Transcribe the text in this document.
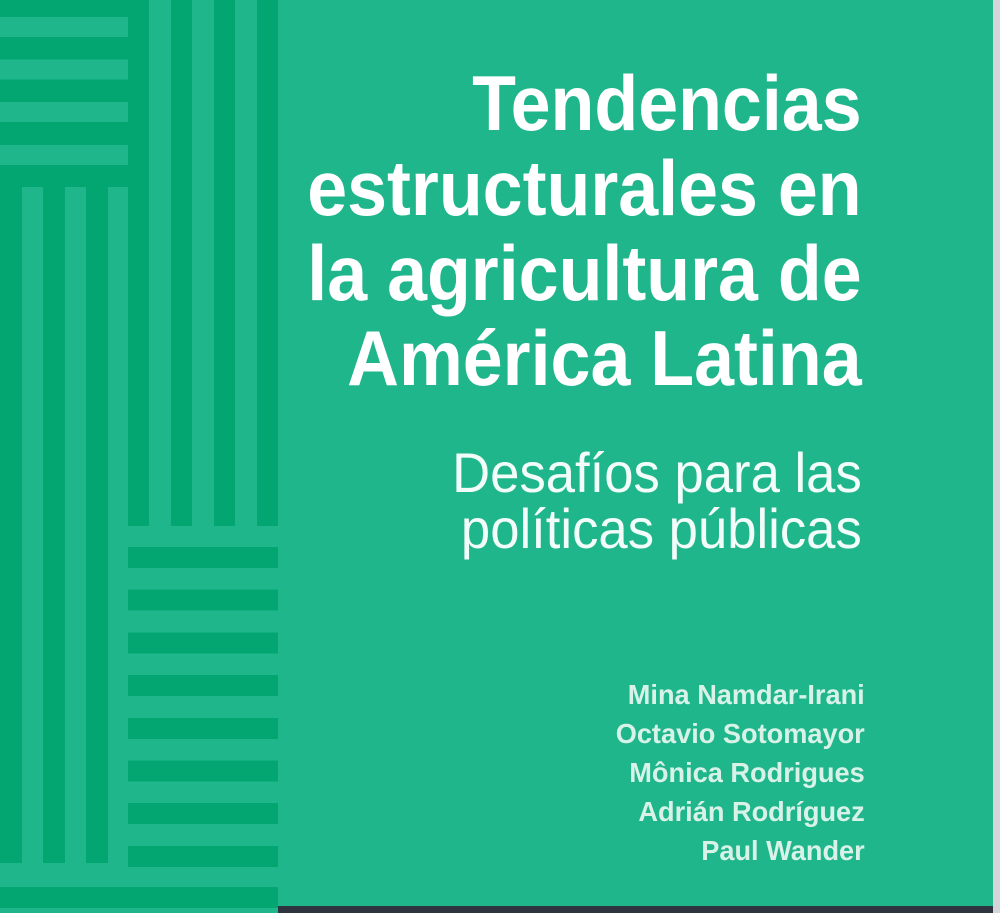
Tendencias
estructurales en
la agricultura de
América Latina
Desafíos para las
políticas públicas
Mina Namdar-Irani
Octavio Sotomayor
Mônica Rodrigues
Adrián Rodríguez
Paul Wander
